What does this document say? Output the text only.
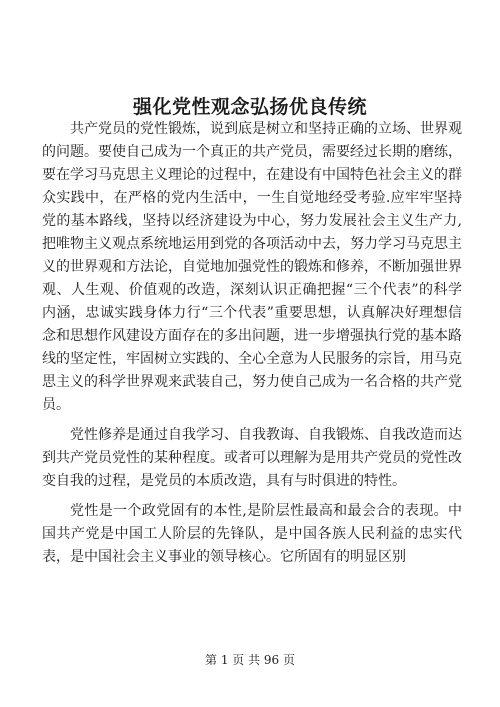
强化党性观念弘扬优良传统

共产党员的党性锻炼，说到底是树立和坚持正确的立场、世界观的问题。要使自己成为一个真正的共产党员，需要经过长期的磨练，要在学习马克思主义理论的过程中，在建设有中国特色社会主义的群众实践中，在严格的党内生活中，一生自觉地经受考验.应牢牢坚持党的基本路线，坚持以经济建设为中心，努力发展社会主义生产力,把唯物主义观点系统地运用到党的各项活动中去，努力学习马克思主义的世界观和方法论，自觉地加强党性的锻炼和修养，不断加强世界观、人生观、价值观的改造，深刻认识正确把握“三个代表”的科学内涵，忠诚实践身体力行“三个代表”重要思想，认真解决好理想信念和思想作风建设方面存在的多出问题，进一步增强执行党的基本路线的坚定性，牢固树立实践的、全心全意为人民服务的宗旨，用马克思主义的科学世界观来武装自己，努力使自己成为一名合格的共产党员。

党性修养是通过自我学习、自我教诲、自我锻炼、自我改造而达到共产党员党性的某种程度。或者可以理解为是用共产党员的党性改变自我的过程，是党员的本质改造，具有与时俱进的特性。

党性是一个政党固有的本性,是阶层性最高和最会合的表现。中国共产党是中国工人阶层的先锋队，是中国各族人民利益的忠实代表，是中国社会主义事业的领导核心。它所固有的明显区别

第 1 页 共 96 页
